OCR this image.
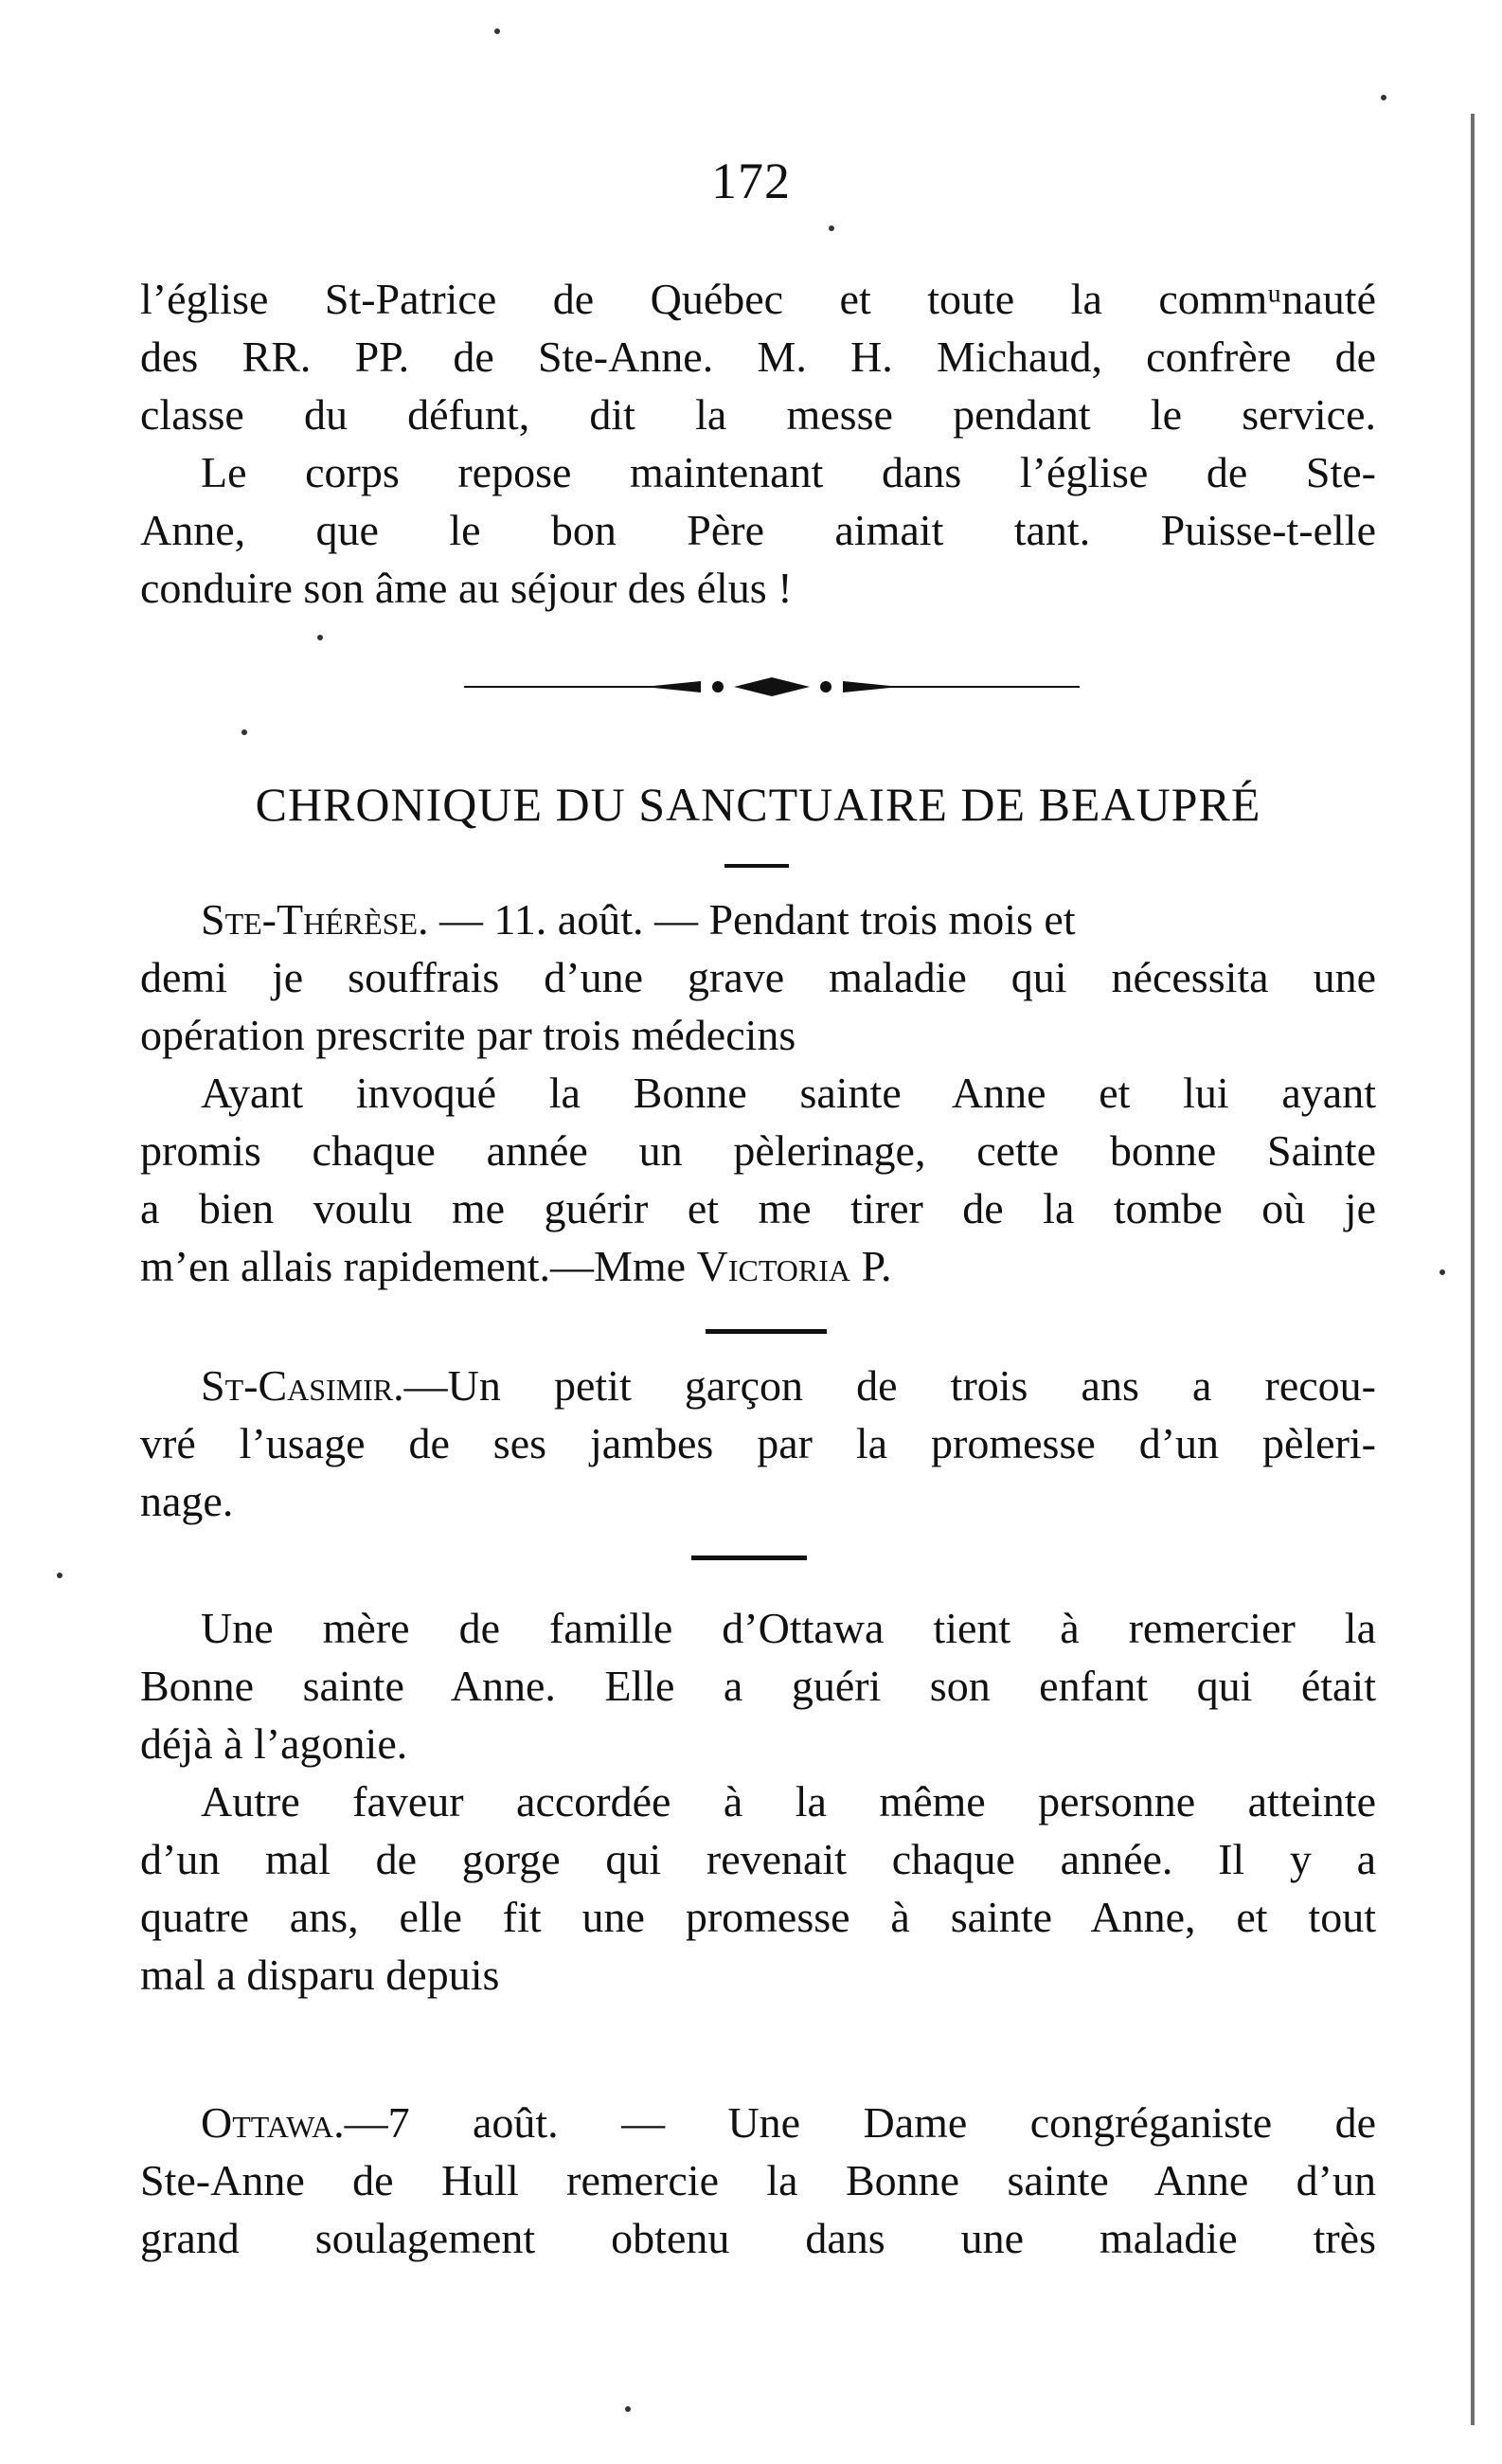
172
l’église St-Patrice de Québec et toute la commᵘnauté
des RR. PP. de Ste-Anne. M. H. Michaud, confrère de
classe du défunt, dit la messe pendant le service.
Le corps repose maintenant dans l’église de Ste-
Anne, que le bon Père aimait tant. Puisse-t-elle
conduire son âme au séjour des élus !
CHRONIQUE DU SANCTUAIRE DE BEAUPRÉ
Ste-Thérèse. — 11. août. — Pendant trois mois et
demi je souffrais d’une grave maladie qui nécessita une
opération prescrite par trois médecins
Ayant invoqué la Bonne sainte Anne et lui ayant
promis chaque année un pèlerinage, cette bonne Sainte
a bien voulu me guérir et me tirer de la tombe où je
m’en allais rapidement.—Mme Victoria P.
St-Casimir.—Un petit garçon de trois ans a recou-
vré l’usage de ses jambes par la promesse d’un pèleri-
nage.
Une mère de famille d’Ottawa tient à remercier la
Bonne sainte Anne. Elle a guéri son enfant qui était
déjà à l’agonie.
Autre faveur accordée à la même personne atteinte
d’un mal de gorge qui revenait chaque année. Il y a
quatre ans, elle fit une promesse à sainte Anne, et tout
mal a disparu depuis
Ottawa.—7 août. — Une Dame congréganiste de
Ste-Anne de Hull remercie la Bonne sainte Anne d’un
grand soulagement obtenu dans une maladie très
